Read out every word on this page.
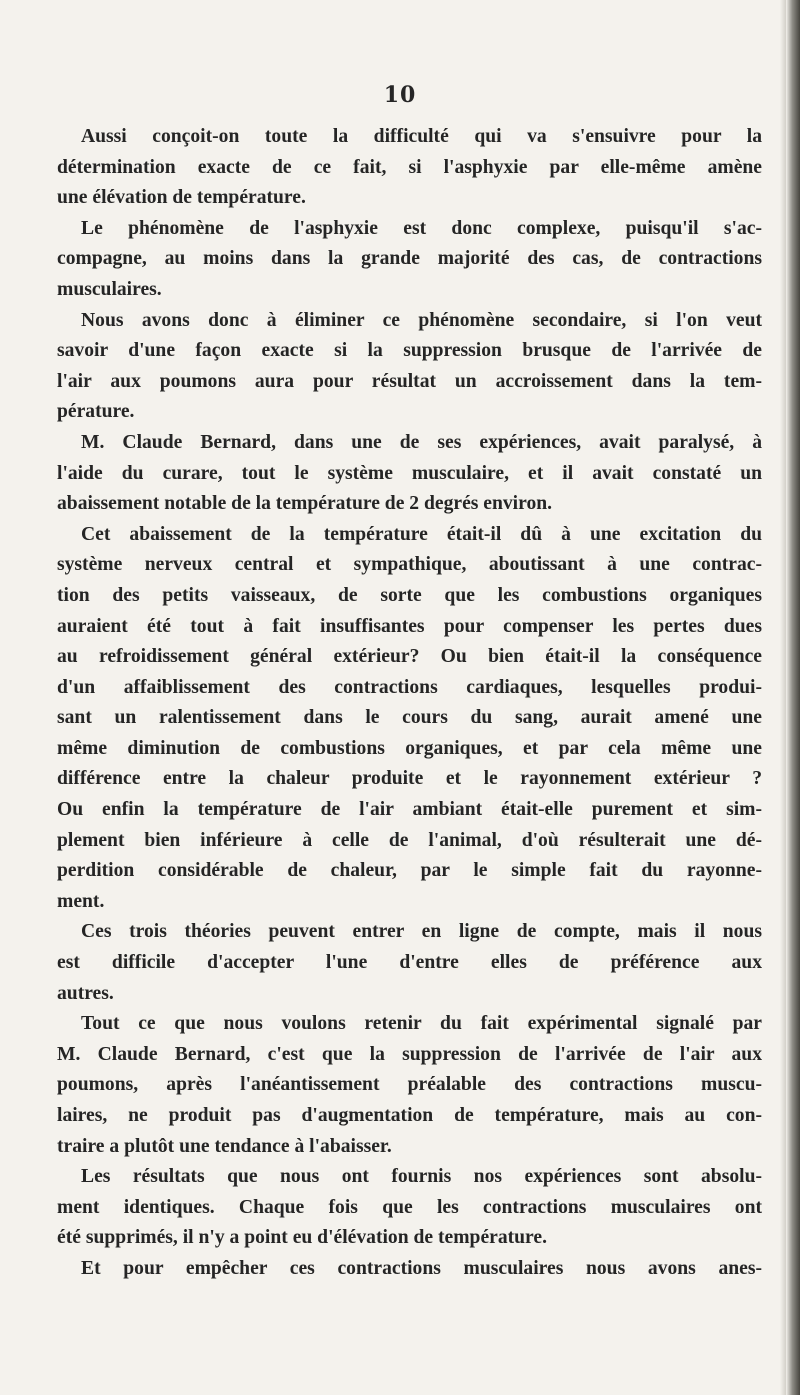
10
Aussi conçoit-on toute la difficulté qui va s'ensuivre pour la
détermination exacte de ce fait, si l'asphyxie par elle-même amène
une élévation de température.
Le phénomène de l'asphyxie est donc complexe, puisqu'il s'ac-
compagne, au moins dans la grande majorité des cas, de contractions
musculaires.
Nous avons donc à éliminer ce phénomène secondaire, si l'on veut
savoir d'une façon exacte si la suppression brusque de l'arrivée de
l'air aux poumons aura pour résultat un accroissement dans la tem-
pérature.
M. Claude Bernard, dans une de ses expériences, avait paralysé, à
l'aide du curare, tout le système musculaire, et il avait constaté un
abaissement notable de la température de 2 degrés environ.
Cet abaissement de la température était-il dû à une excitation du
système nerveux central et sympathique, aboutissant à une contrac-
tion des petits vaisseaux, de sorte que les combustions organiques
auraient été tout à fait insuffisantes pour compenser les pertes dues
au refroidissement général extérieur? Ou bien était-il la conséquence
d'un affaiblissement des contractions cardiaques, lesquelles produi-
sant un ralentissement dans le cours du sang, aurait amené une
même diminution de combustions organiques, et par cela même une
différence entre la chaleur produite et le rayonnement extérieur ?
Ou enfin la température de l'air ambiant était-elle purement et sim-
plement bien inférieure à celle de l'animal, d'où résulterait une dé-
perdition considérable de chaleur, par le simple fait du rayonne-
ment.
Ces trois théories peuvent entrer en ligne de compte, mais il nous
est difficile d'accepter l'une d'entre elles de préférence aux
autres.
Tout ce que nous voulons retenir du fait expérimental signalé par
M. Claude Bernard, c'est que la suppression de l'arrivée de l'air aux
poumons, après l'anéantissement préalable des contractions muscu-
laires, ne produit pas d'augmentation de température, mais au con-
traire a plutôt une tendance à l'abaisser.
Les résultats que nous ont fournis nos expériences sont absolu-
ment identiques. Chaque fois que les contractions musculaires ont
été supprimés, il n'y a point eu d'élévation de température.
Et pour empêcher ces contractions musculaires nous avons anes-
